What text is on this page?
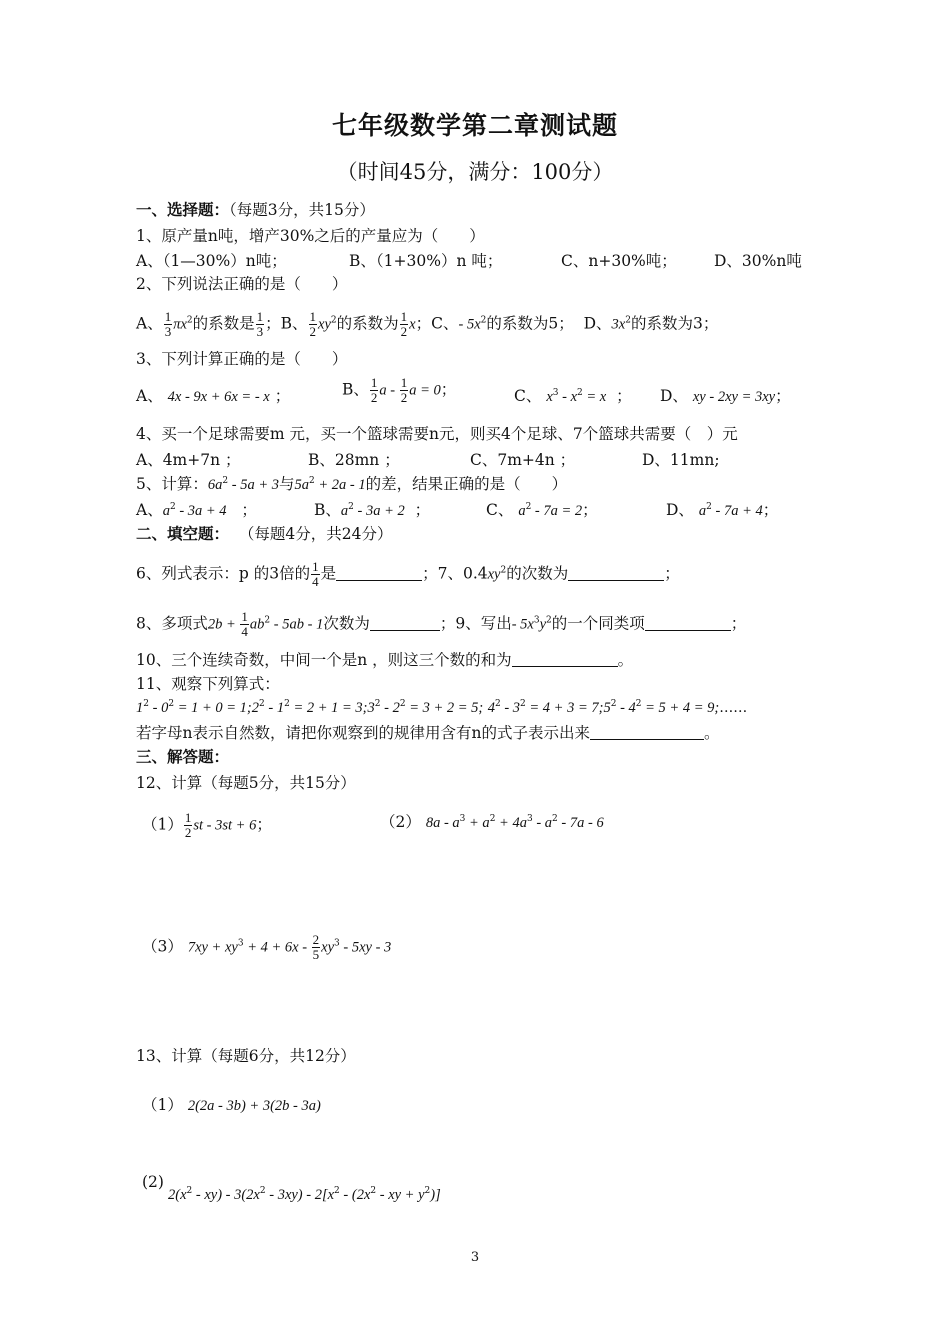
七年级数学第二章测试题
（时间45分，满分：100分）
一、选择题：（每题3分，共15分）
1、原产量n吨，增产30%之后的产量应为（　　）
A、（1—30%）n吨；	B、（1+30%）n 吨；	C、n+30%吨； D、30%n吨
2、下列说法正确的是（　　）
A、 $\frac{1}{3} \pi x^2$的系数是 $\frac{1}{3}$ ；B、 $\frac{1}{2} xy^2$的系数为 $\frac{1}{2}$ x；C、- $5x^2$的系数为5； D、$3x^2$的系数为3；
3、下列计算正确的是（　　）
A、 4x - 9x + 6x = - x ；	B、 $\frac{1}{2}$ a - $\frac{1}{2}$ a = 0；	C、 $x^3 - x^2 = x$ ； D、 xy - 2xy = 3xy；
4、买一个足球需要m 元，买一个篮球需要n元，则买4个足球、7个篮球共需要（　）元
A、4m+7n ；	B、28mn ；	C、7m+4n ；	D、11mn;
5、计算：$6a^2 - 5a + 3$与$5a^2 + 2a - 1$的差，结果正确的是（　　）
A、$a^2 - 3a + 4$ ；	B、$a^2 - 3a + 2$ ；	C、 $a^2 - 7a = 2$；	D、 $a^2 - 7a + 4$；
二、填空题： （每题4分，共24分）
6、列式表示：p 的3倍的 $\frac{1}{4}$ 是	；7、$0.4xy^2$的次数为	；
8、多项式$2b + \frac{1}{4} ab^2 - 5ab - 1$次数为	；9、写出- $5x^3y^2$的一个同类项	；
10、三个连续奇数，中间一个是n ，则这三个数的和为	。
11、观察下列算式：
$1^2 - 0^2 = 1 + 0$ = $1;2^2 - 1^2 = 2 + 1$ = $3;3^2 - 2^2 = 3 + 2 = 5$; $4^2 - 3^2 = 4 + 3$ = $7;5^2 - 4^2 = 5 + 4$ = 9;……
若字母n表示自然数，请把你观察到的规律用含有n的式子表示出来	。
三、解答题：
12、计算（每题5分，共15分）
$(1) \frac{1}{2}$ st - 3st + 6；	（2） $8a - a^3 + a^2 + 4a^3 - a^2 - 7a - 6$
（3） $7xy + xy^3 + 4 + 6x - \frac{2}{5} xy^3 - 5xy - 3$
13、计算（每题6分，共12分）
（1） 2(2a - 3b) + 3(2b - 3a)
(2)
$2(x^2 - xy) - 3(2x^2 - 3xy) - 2[x^2 - (2x^2$ - xy + $y^2$)]
3
